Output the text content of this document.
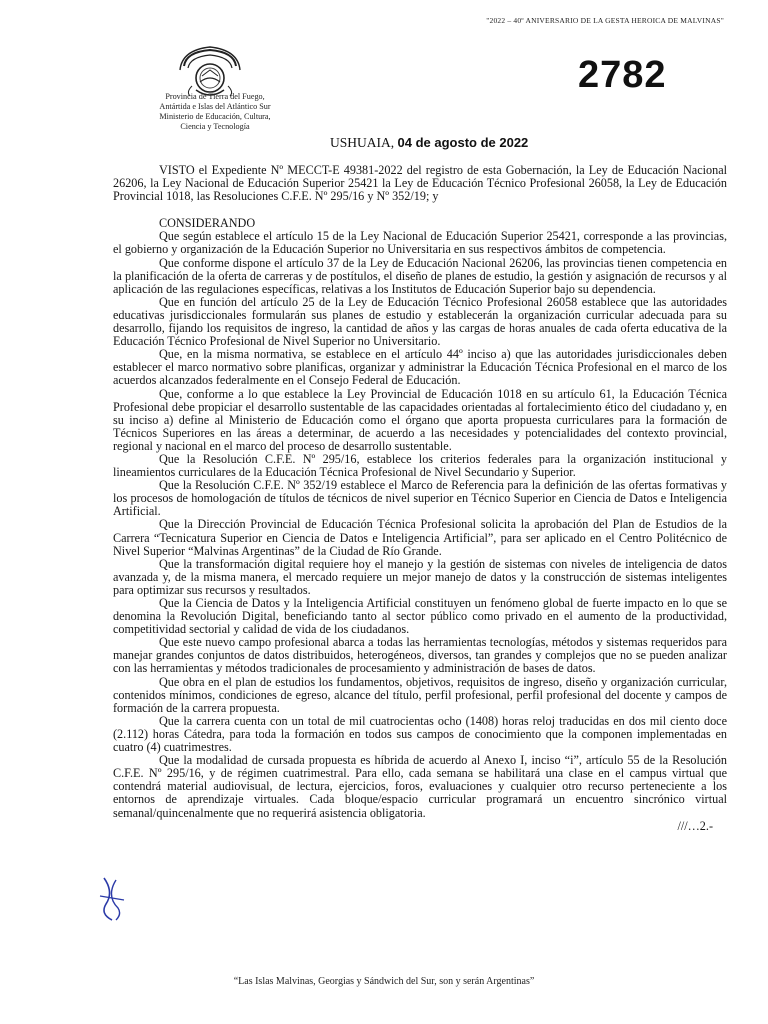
"2022 – 40º ANIVERSARIO DE LA GESTA HEROICA DE MALVINAS"
Provincia de Tierra del Fuego,
Antártida e Islas del Atlántico Sur
Ministerio de Educación, Cultura,
Ciencia y Tecnología
2782
USHUAIA, 04 de agosto de 2022

VISTO el Expediente Nº MECCT-E 49381-2022 del registro de esta Gobernación, la Ley de Educación Nacional 26206, la Ley Nacional de Educación Superior 25421 la Ley de Educación Técnico Profesional 26058, la Ley de Educación Provincial 1018, las Resoluciones C.F.E. Nº 295/16 y Nº 352/19; y

CONSIDERANDO

Que según establece el artículo 15 de la Ley Nacional de Educación Superior 25421, corresponde a las provincias, el gobierno y organización de la Educación Superior no Universitaria en sus respectivos ámbitos de competencia.

Que conforme dispone el artículo 37 de la Ley de Educación Nacional 26206, las provincias tienen competencia en la planificación de la oferta de carreras y de postítulos, el diseño de planes de estudio, la gestión y asignación de recursos y al aplicación de las regulaciones específicas, relativas a los Institutos de Educación Superior bajo su dependencia.

Que en función del artículo 25 de la Ley de Educación Técnico Profesional 26058 establece que las autoridades educativas jurisdiccionales formularán sus planes de estudio y establecerán la organización curricular adecuada para su desarrollo, fijando los requisitos de ingreso, la cantidad de años y las cargas de horas anuales de cada oferta educativa de la Educación Técnico Profesional de Nivel Superior no Universitario.

Que, en la misma normativa, se establece en el artículo 44º inciso a) que las autoridades jurisdiccionales deben establecer el marco normativo sobre planificas, organizar y administrar la Educación Técnica Profesional en el marco de los acuerdos alcanzados federalmente en el Consejo Federal de Educación.

Que, conforme a lo que establece la Ley Provincial de Educación 1018 en su artículo 61, la Educación Técnica Profesional debe propiciar el desarrollo sustentable de las capacidades orientadas al fortalecimiento ético del ciudadano y, en su inciso a) define al Ministerio de Educación como el órgano que aporta propuesta curriculares para la formación de Técnicos Superiores en las áreas a determinar, de acuerdo a las necesidades y potencialidades del contexto provincial, regional y nacional en el marco del proceso de desarrollo sustentable.

Que la Resolución C.F.E. Nº 295/16, establece los criterios federales para la organización institucional y lineamientos curriculares de la Educación Técnica Profesional de Nivel Secundario y Superior.

Que la Resolución C.F.E. Nº 352/19 establece el Marco de Referencia para la definición de las ofertas formativas y los procesos de homologación de títulos de técnicos de nivel superior en Técnico Superior en Ciencia de Datos e Inteligencia Artificial.

Que la Dirección Provincial de Educación Técnica Profesional solicita la aprobación del Plan de Estudios de la Carrera “Tecnicatura Superior en Ciencia de Datos e Inteligencia Artificial”, para ser aplicado en el Centro Politécnico de Nivel Superior “Malvinas Argentinas” de la Ciudad de Río Grande.

Que la transformación digital requiere hoy el manejo y la gestión de sistemas con niveles de inteligencia de datos avanzada y, de la misma manera, el mercado requiere un mejor manejo de datos y la construcción de sistemas inteligentes para optimizar sus recursos y resultados.

Que la Ciencia de Datos y la Inteligencia Artificial constituyen un fenómeno global de fuerte impacto en lo que se denomina la Revolución Digital, beneficiando tanto al sector público como privado en el aumento de la productividad, competitividad sectorial y calidad de vida de los ciudadanos.

Que este nuevo campo profesional abarca a todas las herramientas tecnologías, métodos y sistemas requeridos para manejar grandes conjuntos de datos distribuidos, heterogéneos, diversos, tan grandes y complejos que no se pueden analizar con las herramientas y métodos tradicionales de procesamiento y administración de bases de datos.

Que obra en el plan de estudios los fundamentos, objetivos, requisitos de ingreso, diseño y organización curricular, contenidos mínimos, condiciones de egreso, alcance del título, perfil profesional, perfil profesional del docente y campos de formación de la carrera propuesta.

Que la carrera cuenta con un total de mil cuatrocientas ocho (1408) horas reloj traducidas en dos mil ciento doce (2.112) horas Cátedra, para toda la formación en todos sus campos de conocimiento que la componen implementadas en cuatro (4) cuatrimestres.

Que la modalidad de cursada propuesta es híbrida de acuerdo al Anexo I, inciso “i”, artículo 55 de la Resolución C.F.E. Nº 295/16, y de régimen cuatrimestral. Para ello, cada semana se habilitará una clase en el campus virtual que contendrá material audiovisual, de lectura, ejercicios, foros, evaluaciones y cualquier otro recurso perteneciente a los entornos de aprendizaje virtuales. Cada bloque/espacio curricular programará un encuentro sincrónico virtual semanal/quincenalmente que no requerirá asistencia obligatoria.

///…2.-
“Las Islas Malvinas, Georgias y Sándwich del Sur, son y serán Argentinas”
